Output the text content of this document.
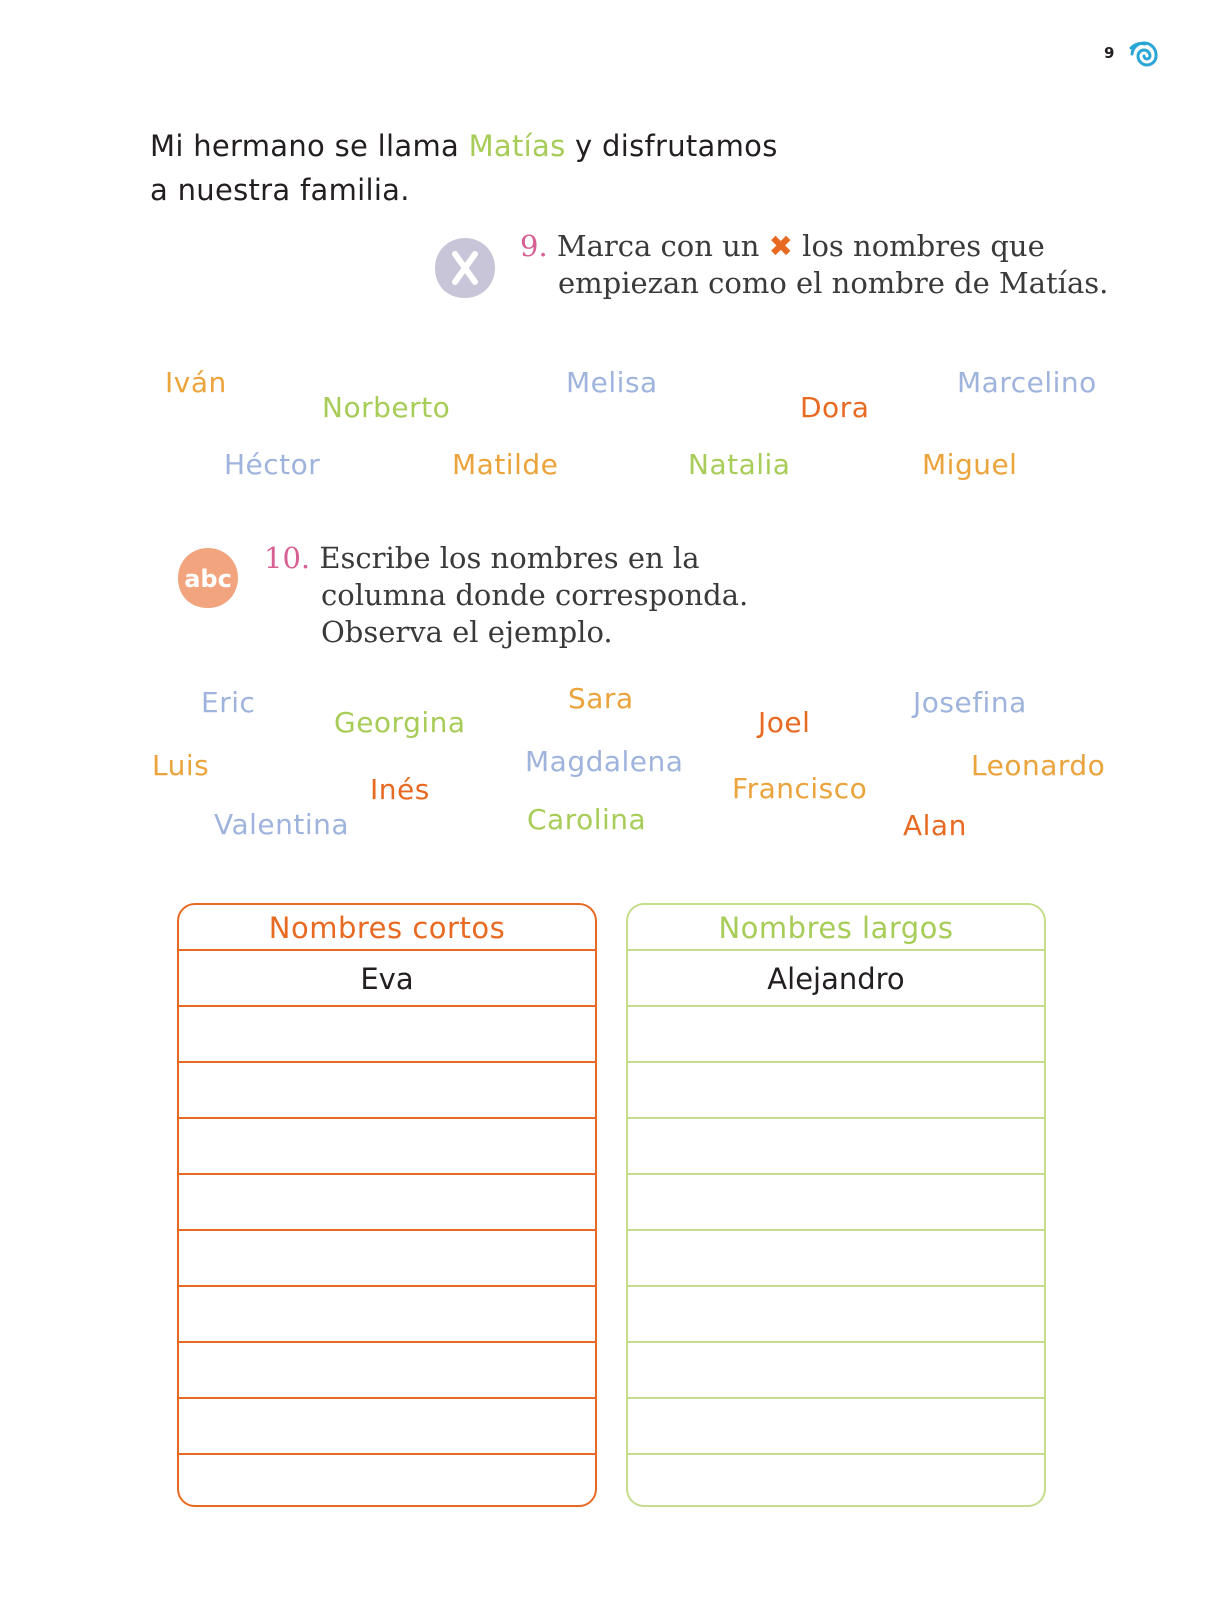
9
Mi hermano se llama Matías y disfrutamos
a nuestra familia.
9. Marca con un ✖ los nombres que
empiezan como el nombre de Matías.
Iván
Norberto
Melisa
Dora
Marcelino
Héctor	Matilde	Natalia	Miguel
abc
10. Escribe los nombres en la
columna donde corresponda.
Observa el ejemplo.
Eric
Georgina
Sara
Joel
Josefina
Luis	Magdalena	Leonardo
Inés	Francisco
Valentina	Carolina	Alan
Nombres cortos
Eva
Nombres largos
Alejandro
